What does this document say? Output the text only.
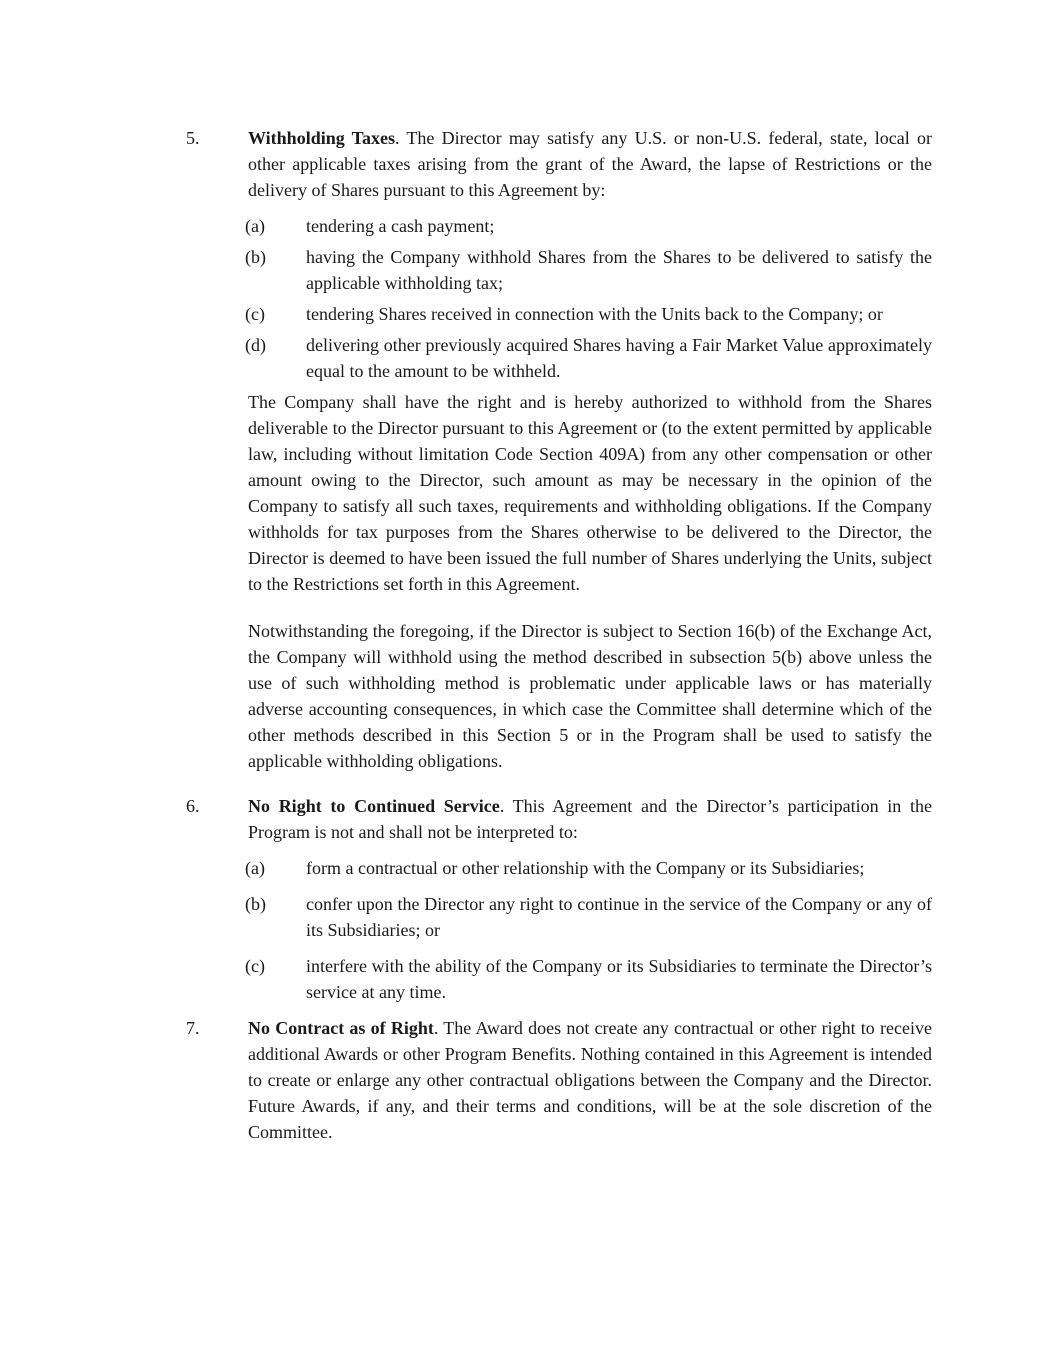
5.	Withholding Taxes. The Director may satisfy any U.S. or non-U.S. federal, state, local or other applicable taxes arising from the grant of the Award, the lapse of Restrictions or the delivery of Shares pursuant to this Agreement by:
(a) tendering a cash payment;
(b) having the Company withhold Shares from the Shares to be delivered to satisfy the applicable withholding tax;
(c) tendering Shares received in connection with the Units back to the Company; or
(d) delivering other previously acquired Shares having a Fair Market Value approximately equal to the amount to be withheld.
The Company shall have the right and is hereby authorized to withhold from the Shares deliverable to the Director pursuant to this Agreement or (to the extent permitted by applicable law, including without limitation Code Section 409A) from any other compensation or other amount owing to the Director, such amount as may be necessary in the opinion of the Company to satisfy all such taxes, requirements and withholding obligations. If the Company withholds for tax purposes from the Shares otherwise to be delivered to the Director, the Director is deemed to have been issued the full number of Shares underlying the Units, subject to the Restrictions set forth in this Agreement.
Notwithstanding the foregoing, if the Director is subject to Section 16(b) of the Exchange Act, the Company will withhold using the method described in subsection 5(b) above unless the use of such withholding method is problematic under applicable laws or has materially adverse accounting consequences, in which case the Committee shall determine which of the other methods described in this Section 5 or in the Program shall be used to satisfy the applicable withholding obligations.
6.	No Right to Continued Service. This Agreement and the Director’s participation in the Program is not and shall not be interpreted to:
(a) form a contractual or other relationship with the Company or its Subsidiaries;
(b) confer upon the Director any right to continue in the service of the Company or any of its Subsidiaries; or
(c) interfere with the ability of the Company or its Subsidiaries to terminate the Director’s service at any time.
7.	No Contract as of Right. The Award does not create any contractual or other right to receive additional Awards or other Program Benefits. Nothing contained in this Agreement is intended to create or enlarge any other contractual obligations between the Company and the Director. Future Awards, if any, and their terms and conditions, will be at the sole discretion of the Committee.
